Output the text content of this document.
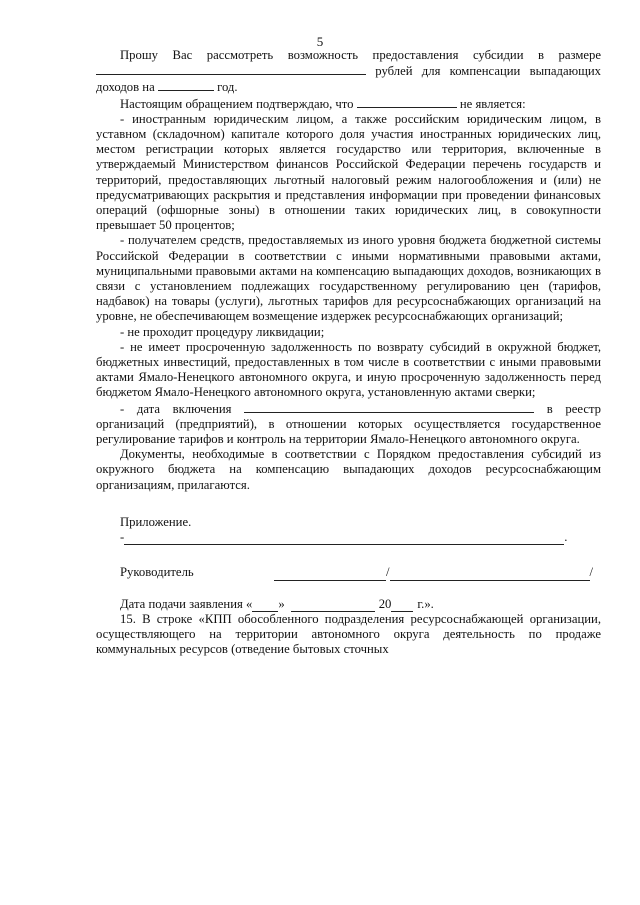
5

Прошу Вас рассмотреть возможность предоставления субсидии в размере  рублей для компенсации выпадающих доходов на	год.

Настоящим обращением подтверждаю, что	не является:

- иностранным юридическим лицом, а также российским юридическим лицом, в уставном (складочном) капитале которого доля участия иностранных юридических лиц, местом регистрации которых является государство или территория, включенные в утверждаемый Министерством финансов Российской Федерации перечень государств и территорий, предоставляющих льготный налоговый режим налогообложения и (или) не предусматривающих раскрытия и представления информации при проведении финансовых операций (офшорные зоны) в отношении таких юридических лиц, в совокупности превышает 50 процентов;

- получателем средств, предоставляемых из иного уровня бюджета бюджетной системы Российской Федерации в соответствии с иными нормативными правовыми актами, муниципальными правовыми актами на компенсацию выпадающих доходов, возникающих в связи с установлением подлежащих государственному регулированию цен (тарифов, надбавок) на товары (услуги), льготных тарифов для ресурсоснабжающих организаций на уровне, не обеспечивающем возмещение издержек ресурсоснабжающих организаций;

- не проходит процедуру ликвидации;

- не имеет просроченную задолженность по возврату субсидий в окружной бюджет, бюджетных инвестиций, предоставленных в том числе в соответствии с иными правовыми актами Ямало-Ненецкого автономного округа, и иную просроченную задолженность перед бюджетом Ямало-Ненецкого автономного округа, установленную актами сверки;

- дата включения	в реестр организаций (предприятий), в отношении которых осуществляется государственное регулирование тарифов и контроль на территории Ямало-Ненецкого автономного округа.

Документы, необходимые в соответствии с Порядком предоставления субсидий из окружного бюджета на компенсацию выпадающих доходов ресурсоснабжающим организациям, прилагаются.

Приложение.

-	.
Руководитель	/	/
Дата подачи заявления « »	20 г.».

15. В строке «КПП обособленного подразделения ресурсоснабжающей организации, осуществляющего на территории автономного округа деятельность по продаже коммунальных ресурсов (отведение бытовых сточных
